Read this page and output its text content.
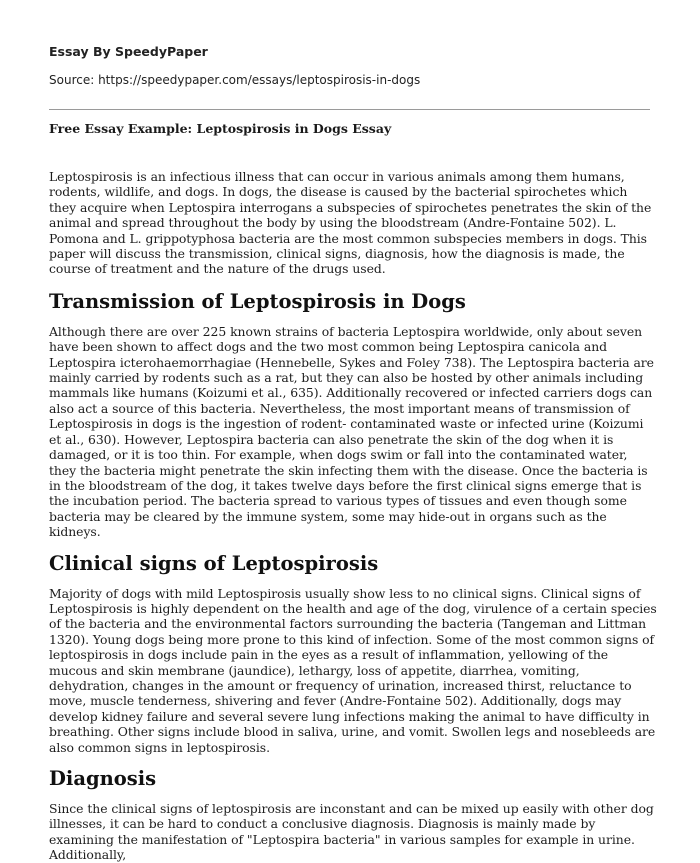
Essay By SpeedyPaper
Source: https://speedypaper.com/essays/leptospirosis-in-dogs
Free Essay Example: Leptospirosis in Dogs Essay

Leptospirosis is an infectious illness that can occur in various animals among them humans, rodents, wildlife, and dogs. In dogs, the disease is caused by the bacterial spirochetes which they acquire when Leptospira interrogans a subspecies of spirochetes penetrates the skin of the animal and spread throughout the body by using the bloodstream (Andre-Fontaine 502). L. Pomona and L. grippotyphosa bacteria are the most common subspecies members in dogs. This paper will discuss the transmission, clinical signs, diagnosis, how the diagnosis is made, the course of treatment and the nature of the drugs used.

Transmission of Leptospirosis in Dogs

Although there are over 225 known strains of bacteria Leptospira worldwide, only about seven have been shown to affect dogs and the two most common being Leptospira canicola and Leptospira icterohaemorrhagiae (Hennebelle, Sykes and Foley 738). The Leptospira bacteria are mainly carried by rodents such as a rat, but they can also be hosted by other animals including mammals like humans (Koizumi et al., 635). Additionally recovered or infected carriers dogs can also act a source of this bacteria. Nevertheless, the most important means of transmission of Leptospirosis in dogs is the ingestion of rodent- contaminated waste or infected urine (Koizumi et al., 630). However, Leptospira bacteria can also penetrate the skin of the dog when it is damaged, or it is too thin. For example, when dogs swim or fall into the contaminated water, they the bacteria might penetrate the skin infecting them with the disease. Once the bacteria is in the bloodstream of the dog, it takes twelve days before the first clinical signs emerge that is the incubation period. The bacteria spread to various types of tissues and even though some bacteria may be cleared by the immune system, some may hide-out in organs such as the kidneys.

Clinical signs of Leptospirosis

Majority of dogs with mild Leptospirosis usually show less to no clinical signs. Clinical signs of Leptospirosis is highly dependent on the health and age of the dog, virulence of a certain species of the bacteria and the environmental factors surrounding the bacteria (Tangeman and Littman 1320). Young dogs being more prone to this kind of infection. Some of the most common signs of leptospirosis in dogs include pain in the eyes as a result of inflammation, yellowing of the mucous and skin membrane (jaundice), lethargy, loss of appetite, diarrhea, vomiting, dehydration, changes in the amount or frequency of urination, increased thirst, reluctance to move, muscle tenderness, shivering and fever (Andre-Fontaine 502). Additionally, dogs may develop kidney failure and several severe lung infections making the animal to have difficulty in breathing. Other signs include blood in saliva, urine, and vomit. Swollen legs and nosebleeds are also common signs in leptospirosis.

Diagnosis

Since the clinical signs of leptospirosis are inconstant and can be mixed up easily with other dog illnesses, it can be hard to conduct a conclusive diagnosis. Diagnosis is mainly made by examining the manifestation of "Leptospira bacteria" in various samples for example in urine. Additionally,
